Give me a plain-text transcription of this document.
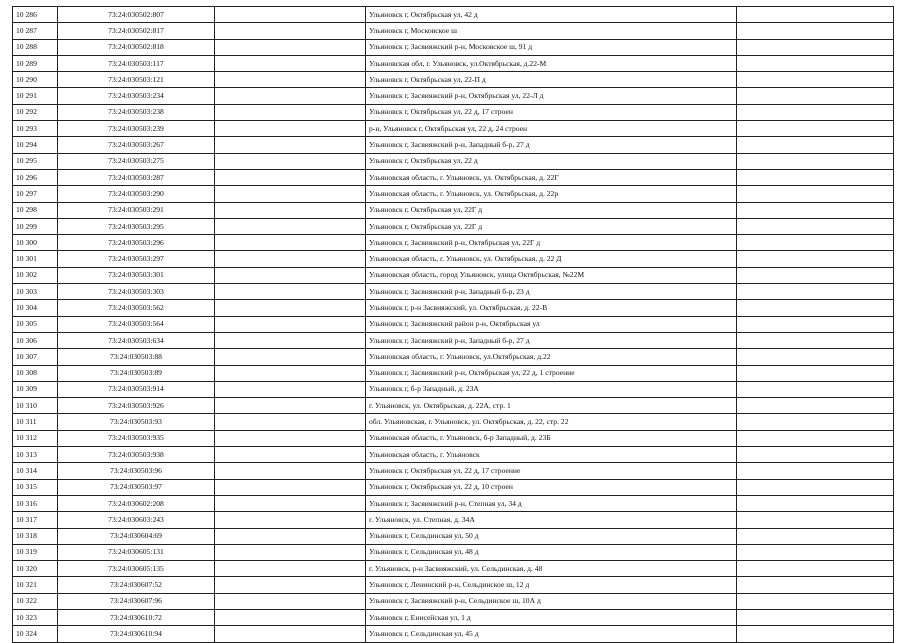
10 286	73:24:030502:807		Ульяновск г, Октябрьская ул, 42 д	
10 287	73:24:030502:817		Ульяновск г, Московское ш	
10 288	73:24:030502:818		Ульяновск г, Засвияжский р-н, Московское ш, 91 д	
10 289	73:24:030503:117		Ульяновская обл, г. Ульяновск, ул.Октябрьская, д.22-М	
10 290	73:24:030503:121		Ульяновск г, Октябрьская ул, 22-П д	
10 291	73:24:030503:234		Ульяновск г, Засвияжский р-н, Октябрьская ул, 22-Л д	
10 292	73:24:030503:238		Ульяновск г, Октябрьская ул, 22 д, 17 строен	
10 293	73:24:030503:239		р-н, Ульяновск г, Октябрьская ул, 22 д, 24 строен	
10 294	73:24:030503:267		Ульяновск г, Засвияжский р-н, Западный б-р, 27 д	
10 295	73:24:030503:275		Ульяновск г, Октябрьская ул, 22 д	
10 296	73:24:030503:287		Ульяновская область, г. Ульяновск, ул. Октябрьская, д. 22Г	
10 297	73:24:030503:290		Ульяновская область, г. Ульяновск, ул. Октябрьская, д. 22р	
10 298	73:24:030503:291		Ульяновск г, Октябрьская ул, 22Г д	
10 299	73:24:030503:295		Ульяновск г, Октябрьская ул, 22Г д	
10 300	73:24:030503:296		Ульяновск г, Засвияжский р-н, Октябрьская ул, 22Г д	
10 301	73:24:030503:297		Ульяновская область, г. Ульяновск, ул. Октябрьская, д. 22 Д	
10 302	73:24:030503:301		Ульяновская область, город Ульяновск, улица Октябрьская, №22М	
10 303	73:24:030503:303		Ульяновск г, Засвияжский р-н, Западный б-р, 23 д	
10 304	73:24:030503:562		Ульяновск г, р-н Засвияжский, ул. Октябрьская, д. 22-В	
10 305	73:24:030503:564		Ульяновск г, Засвияжский район р-н, Октябрьская ул	
10 306	73:24:030503:634		Ульяновск г, Засвияжский р-н, Западный б-р, 27 д	
10 307	73:24:030503:88		Ульяновская область, г. Ульяновск, ул.Октябрьская, д.22	
10 308	73:24:030503:89		Ульяновск г, Засвияжский р-н, Октябрьская ул, 22 д, 1 строение	
10 309	73:24:030503:914		Ульяновск г, б-р Западный, д. 23А	
10 310	73:24:030503:926		г. Ульяновск, ул. Октябрьская, д. 22А, стр. 1	
10 311	73:24:030503:93		обл. Ульяновская, г. Ульяновск, ул. Октябрьская, д. 22, стр. 22	
10 312	73:24:030503:935		Ульяновская область, г. Ульяновск, б-р Западный, д. 23Б	
10 313	73:24:030503:938		Ульяновская область, г. Ульяновск	
10 314	73:24:030503:96		Ульяновск г, Октябрьская ул, 22 д, 17 строение	
10 315	73:24:030503:97		Ульяновск г, Октябрьская ул, 22 д, 10 строен	
10 316	73:24:030602:208		Ульяновск г, Засвияжский р-н, Степная ул, 34 д	
10 317	73:24:030603:243		г. Ульяновск, ул. Степная, д. 34А	
10 318	73:24:030604:69		Ульяновск г, Сельдинская ул, 50 д	
10 319	73:24:030605:131		Ульяновск г, Сельдинская ул, 48 д	
10 320	73:24:030605:135		г. Ульяновск, р-н Засвияжский, ул. Сельдинская, д. 48	
10 321	73:24:030607:52		Ульяновск г, Ленинский р-н, Сельдинское ш, 12 д	
10 322	73:24:030607:96		Ульяновск г, Засвияжский р-н, Сельдинское ш, 10А д	
10 323	73:24:030610:72		Ульяновск г, Енисейская ул, 1 д	
10 324	73:24:030610:94		Ульяновск г, Сельдинская ул, 45 д	
